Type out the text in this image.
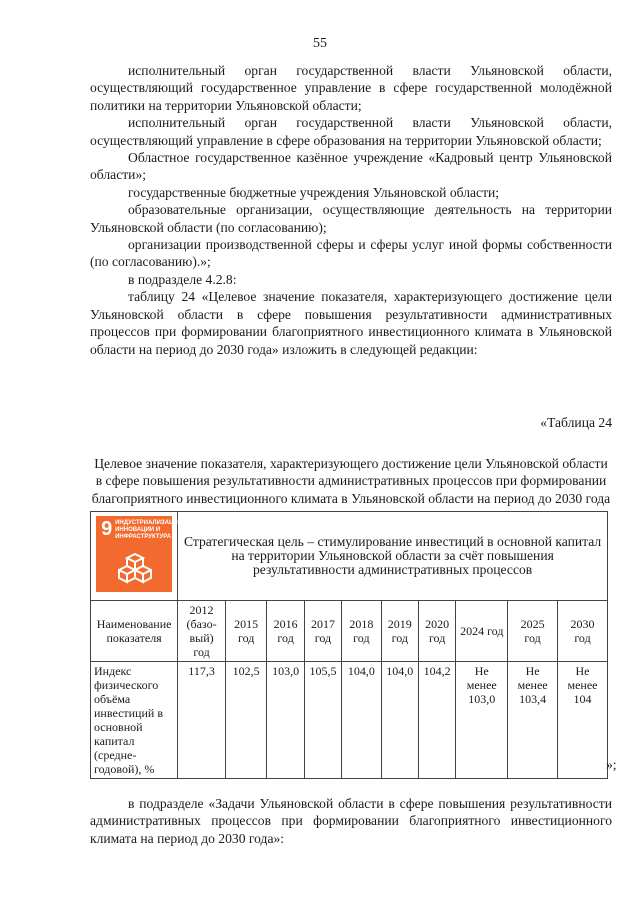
55

исполнительный орган государственной власти Ульяновской области, осуществляющий государственное управление в сфере государственной молодёжной политики на территории Ульяновской области;

исполнительный орган государственной власти Ульяновской области, осуществляющий управление в сфере образования на территории Ульяновской области;

Областное государственное казённое учреждение «Кадровый центр Ульяновской области»;

государственные бюджетные учреждения Ульяновской области;

образовательные организации, осуществляющие деятельность на территории Ульяновской области (по согласованию);

организации производственной сферы и сферы услуг иной формы собственности (по согласованию).»;

в подразделе 4.2.8:

таблицу 24 «Целевое значение показателя, характеризующего достижение цели Ульяновской области в сфере повышения результативности административных процессов при формировании благоприятного инвестиционного климата в Ульяновской области на период до 2030 года» изложить в следующей редакции:

«Таблица 24

Целевое значение показателя, характеризующего достижение цели Ульяновской области в сфере повышения результативности административных процессов при формировании благоприятного инвестиционного климата в Ульяновской области на период до 2030 года
9 ИНДУСТРИАЛИЗАЦИЯ, ИННОВАЦИИ И ИНФРАСТРУКТУРА	Стратегическая цель – стимулирование инвестиций в основной капитал на территории Ульяновской области за счёт повышения результативности административных процессов									
Наименование показателя	2012 (базо-вый) год	2015 год	2016 год	2017 год	2018 год	2019 год	2020 год	2024 год	2025 год	2030 год
Индекс физического объёма инвестиций в основной капитал (средне-годовой), %	117,3	102,5	103,0	105,5	104,0	104,0	104,2	Не менее 103,0	Не менее 103,4	Не менее 104
»;

в подразделе «Задачи Ульяновской области в сфере повышения результативности административных процессов при формировании благоприятного инвестиционного климата на период до 2030 года»:
